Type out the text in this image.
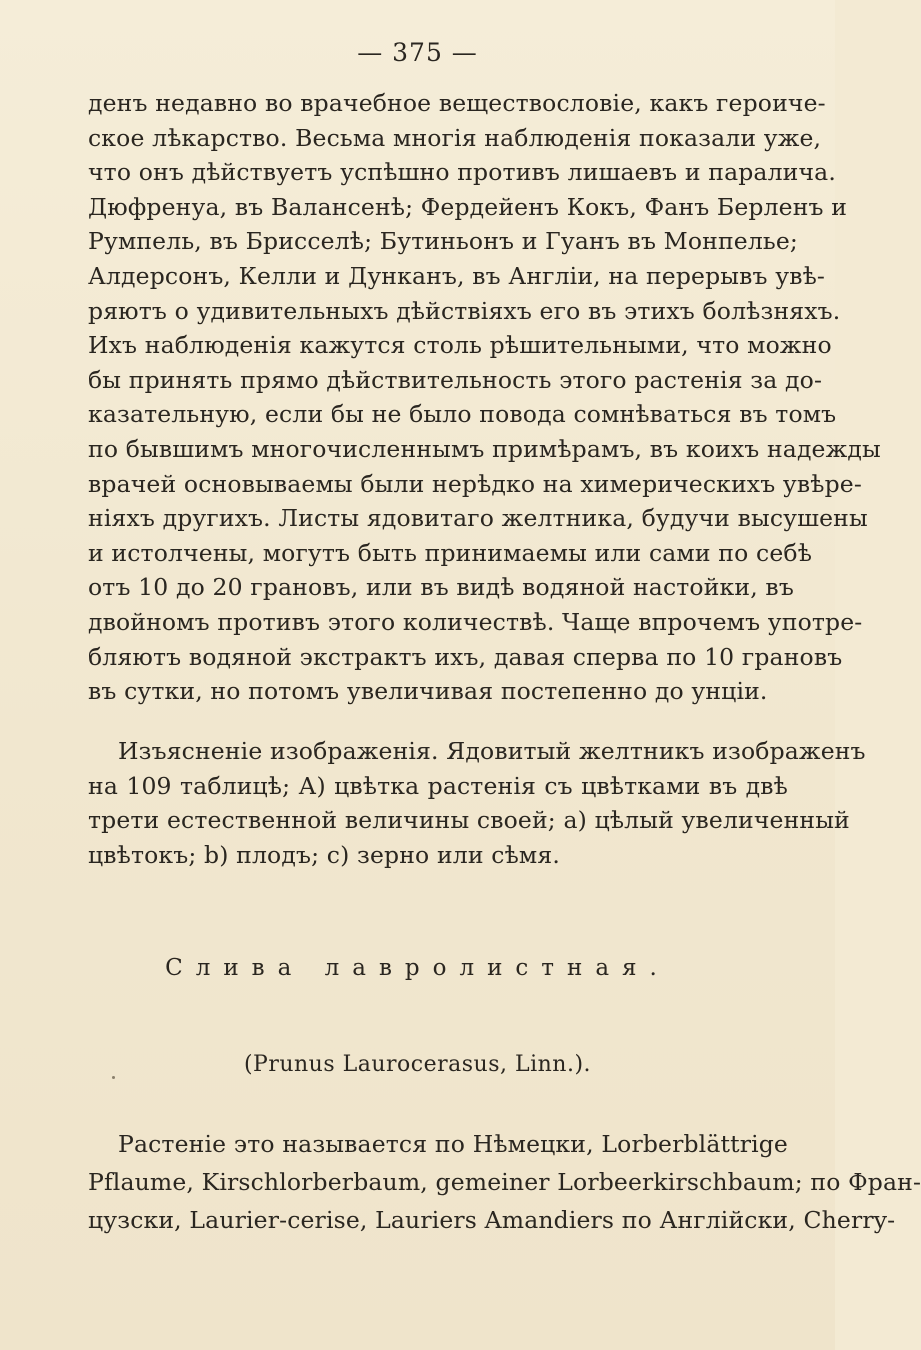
— 375 —
денъ недавно во врачебное веществословіе, какъ героиче-
ское лѣкарство. Весьма многія наблюденія показали уже,
что онъ дѣйствуетъ успѣшно противъ лишаевъ и паралича.
Дюфренуа, въ Валансенѣ; Фердейенъ Кокъ, Фанъ Берленъ и
Румпель, въ Брисселѣ; Бутиньонъ и Гуанъ въ Монпелье;
Алдерсонъ, Келли и Дунканъ, въ Англіи, на перерывъ увѣ-
ряютъ о удивительныхъ дѣйствіяхъ его въ этихъ болѣзняхъ.
Ихъ наблюденія кажутся столь рѣшительными, что можно
бы принять прямо дѣйствительность этого растенія за до-
казательную, если бы не было повода сомнѣваться въ томъ
по бывшимъ многочисленнымъ примѣрамъ, въ коихъ надежды
врачей основываемы были нерѣдко на химерическихъ увѣре-
ніяхъ другихъ. Листы ядовитаго желтника, будучи высушены
и истолчены, могутъ быть принимаемы или сами по себѣ
отъ 10 до 20 грановъ, или въ видѣ водяной настойки, въ
двойномъ противъ этого количествѣ. Чаще впрочемъ употре-
бляютъ водяной экстрактъ ихъ, давая сперва по 10 грановъ
въ сутки, но потомъ увеличивая постепенно до унціи.
Изъясненіе изображенія. Ядовитый желтникъ изображенъ
на 109 таблицѣ; А) цвѣтка растенія съ цвѣтками въ двѣ
трети естественной величины своей; а) цѣлый увеличенный
цвѣтокъ; b) плодъ; c) зерно или сѣмя.
Слива лавролистная.
(Prunus Laurocerasus, Linn.).
Растеніе это называется по Нѣмецки, Lorberblättrige
Pflaume, Kirschlorberbaum, gemeiner Lorbeerkirschbaum; по Фран-
цузски, Laurier-cerise, Lauriers Amandiers по Англійски, Cherry-
